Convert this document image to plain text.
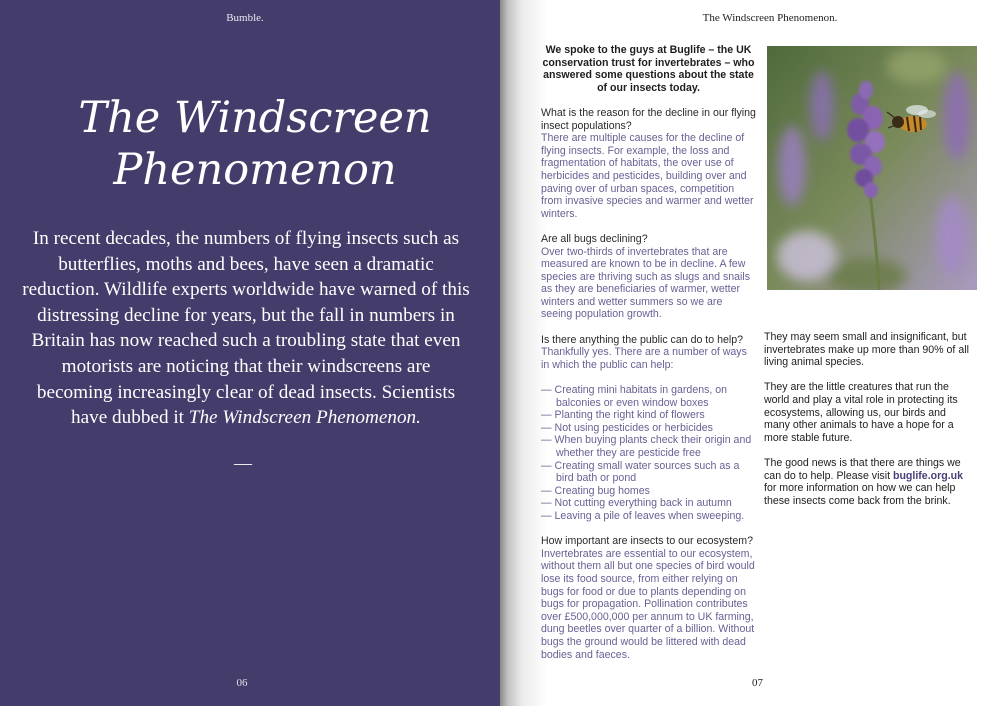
Bumble.
The Windscreen
Phenomenon

In recent decades, the numbers of flying insects such as butterflies, moths and bees, have seen a dramatic reduction. Wildlife experts worldwide have warned of this distressing decline for years, but the fall in numbers in Britain has now reached such a troubling state that even motorists are noticing that their windscreens are becoming increasingly clear of dead insects. Scientists have dubbed it The Windscreen Phenomenon.

—
06
The Windscreen Phenomenon.

We spoke to the guys at Buglife – the UK conservation trust for invertebrates – who answered some questions about the state of our insects today.

What is the reason for the decline in our flying insect populations?
There are multiple causes for the decline of flying insects. For example, the loss and fragmentation of habitats, the over use of herbicides and pesticides, building over and paving over of urban spaces, competition from invasive species and warmer and wetter winters.

Are all bugs declining?
Over two-thirds of invertebrates that are measured are known to be in decline. A few species are thriving such as slugs and snails as they are beneficiaries of warmer, wetter winters and wetter summers so we are seeing population growth.

Is there anything the public can do to help?
Thankfully yes. There are a number of ways in which the public can help:

— Creating mini habitats in gardens, on balconies or even window boxes
— Planting the right kind of flowers
— Not using pesticides or herbicides
— When buying plants check their origin and whether they are pesticide free
— Creating small water sources such as a bird bath or pond
— Creating bug homes
— Not cutting everything back in autumn
— Leaving a pile of leaves when sweeping.

How important are insects to our ecosystem?
Invertebrates are essential to our ecosystem, without them all but one species of bird would lose its food source, from either relying on bugs for food or due to plants depending on bugs for propagation. Pollination contributes over £500,000,000 per annum to UK farming, dung beetles over quarter of a billion. Without bugs the ground would be littered with dead bodies and faeces.

They may seem small and insignificant, but invertebrates make up more than 90% of all living animal species.

They are the little creatures that run the world and play a vital role in protecting its ecosystems, allowing us, our birds and many other animals to have a hope for a more stable future.

The good news is that there are things we can do to help. Please visit buglife.org.uk for more information on how we can help these insects come back from the brink.

07
